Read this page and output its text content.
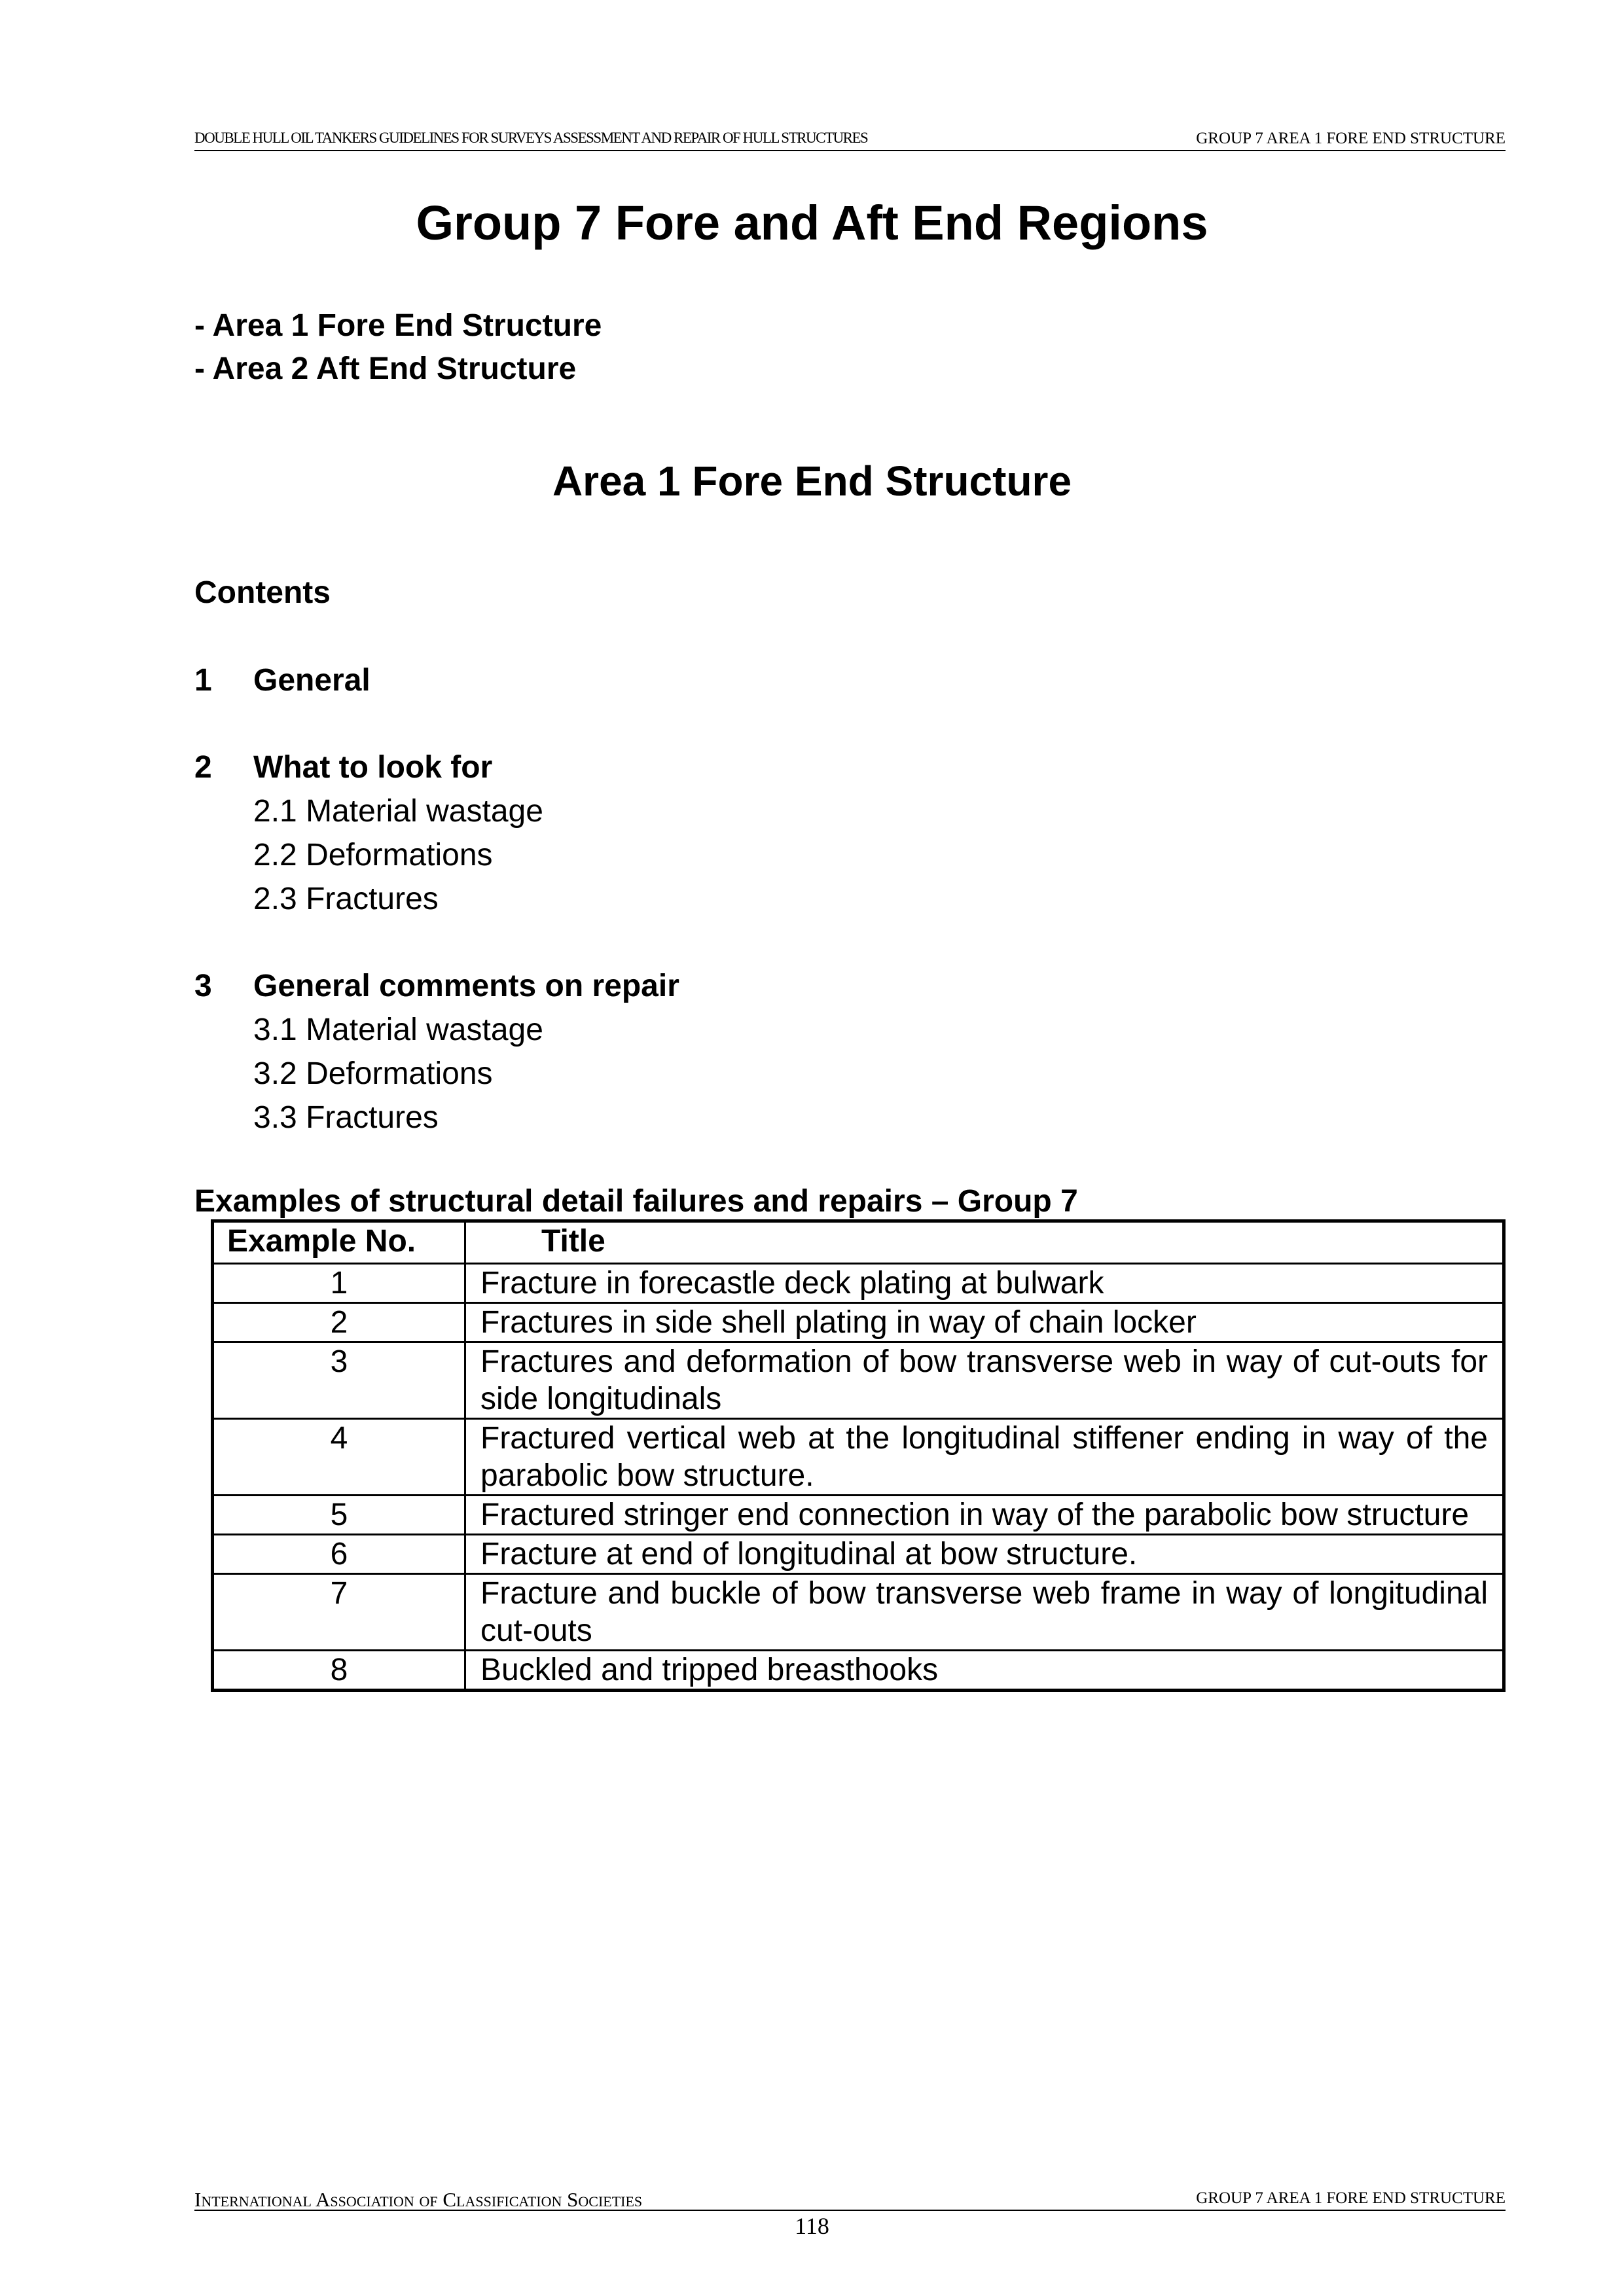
DOUBLE HULL OIL TANKERS GUIDELINES FOR SURVEYS ASSESSMENT AND REPAIR OF HULL STRUCTURES	GROUP 7 AREA 1 FORE END STRUCTURE
Group 7 Fore and Aft End Regions
- Area 1 Fore End Structure
- Area 2 Aft End Structure
Area 1 Fore End Structure
Contents
1 General
2 What to look for
2.1 Material wastage
2.2 Deformations
2.3 Fractures
3 General comments on repair
3.1 Material wastage
3.2 Deformations
3.3 Fractures
Examples of structural detail failures and repairs – Group 7
Example No.	Title
1	Fracture in forecastle deck plating at bulwark
2	Fractures in side shell plating in way of chain locker
3	Fractures and deformation of bow transverse web in way of cut-outs for side longitudinals
4	Fractured vertical web at the longitudinal stiffener ending in way of the parabolic bow structure.
5	Fractured stringer end connection in way of the parabolic bow structure
6	Fracture at end of longitudinal at bow structure.
7	Fracture and buckle of bow transverse web frame in way of longitudinal cut-outs
8	Buckled and tripped breasthooks
International Association of Classification Societies	GROUP 7 AREA 1 FORE END STRUCTURE
118
